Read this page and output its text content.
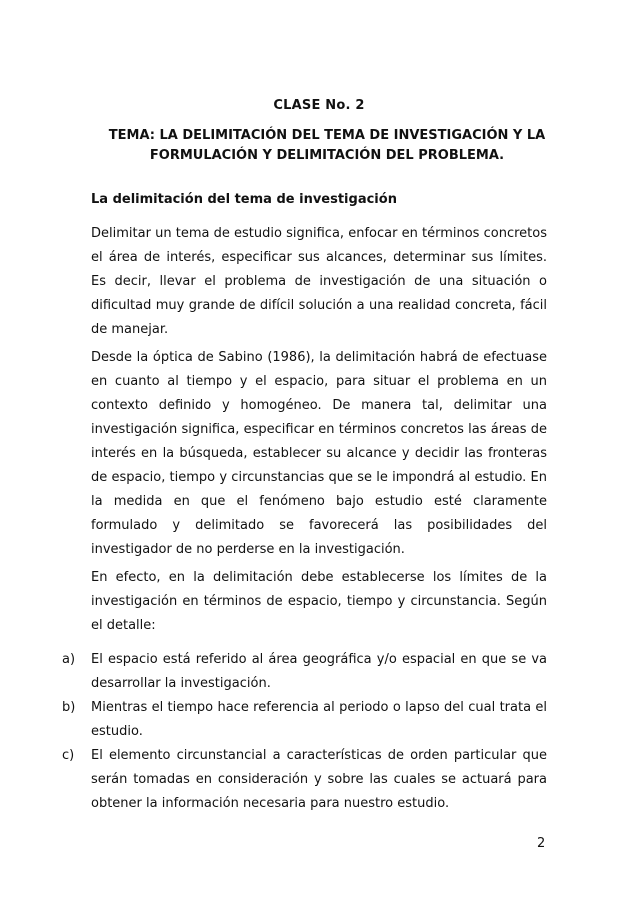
CLASE No. 2
TEMA: LA DELIMITACIÓN DEL TEMA DE INVESTIGACIÓN Y LA FORMULACIÓN Y DELIMITACIÓN DEL PROBLEMA.
La delimitación del tema de investigación

Delimitar un tema de estudio significa, enfocar en términos concretos el área de interés, especificar sus alcances, determinar sus límites. Es decir, llevar el problema de investigación de una situación o dificultad muy grande de difícil solución a una realidad concreta, fácil de manejar.

Desde la óptica de Sabino (1986), la delimitación habrá de efectuase en cuanto al tiempo y el espacio, para situar el problema en un contexto definido y homogéneo. De manera tal, delimitar una investigación significa, especificar en términos concretos las áreas de interés en la búsqueda, establecer su alcance y decidir las fronteras de espacio, tiempo y circunstancias que se le impondrá al estudio. En la medida en que el fenómeno bajo estudio esté claramente formulado y delimitado se favorecerá las posibilidades del investigador de no perderse en la investigación.

En efecto, en la delimitación debe establecerse los límites de la investigación en términos de espacio, tiempo y circunstancia. Según el detalle:

a) El espacio está referido al área geográfica y/o espacial en que se va desarrollar la investigación.
b) Mientras el tiempo hace referencia al periodo o lapso del cual trata el estudio.
c) El elemento circunstancial a características de orden particular que serán tomadas en consideración y sobre las cuales se actuará para obtener la información necesaria para nuestro estudio.
2
